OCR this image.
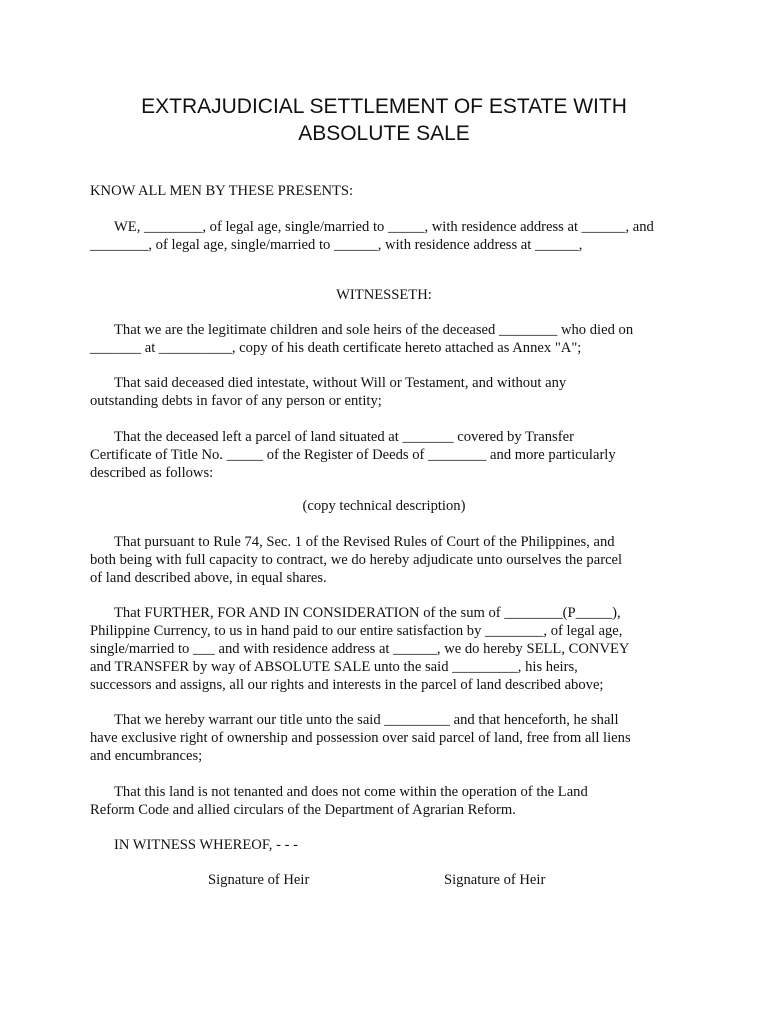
EXTRAJUDICIAL SETTLEMENT OF ESTATE WITH
ABSOLUTE SALE
KNOW ALL MEN BY THESE PRESENTS:
WE, ________, of legal age, single/married to _____, with residence address at ______, and
________, of legal age, single/married to ______, with residence address at ______,
WITNESSETH:
That we are the legitimate children and sole heirs of the deceased ________ who died on
_______ at __________, copy of his death certificate hereto attached as Annex "A";
That said deceased died intestate, without Will or Testament, and without any
outstanding debts in favor of any person or entity;
That the deceased left a parcel of land situated at _______ covered by Transfer
Certificate of Title No. _____ of the Register of Deeds of ________ and more particularly
described as follows:
(copy technical description)
That pursuant to Rule 74, Sec. 1 of the Revised Rules of Court of the Philippines, and
both being with full capacity to contract, we do hereby adjudicate unto ourselves the parcel
of land described above, in equal shares.
That FURTHER, FOR AND IN CONSIDERATION of the sum of ________(P_____),
Philippine Currency, to us in hand paid to our entire satisfaction by ________, of legal age,
single/married to ___ and with residence address at ______, we do hereby SELL, CONVEY
and TRANSFER by way of ABSOLUTE SALE unto the said _________, his heirs,
successors and assigns, all our rights and interests in the parcel of land described above;
That we hereby warrant our title unto the said _________ and that henceforth, he shall
have exclusive right of ownership and possession over said parcel of land, free from all liens
and encumbrances;
That this land is not tenanted and does not come within the operation of the Land
Reform Code and allied circulars of the Department of Agrarian Reform.
IN WITNESS WHEREOF, - - -
Signature of Heir	Signature of Heir
